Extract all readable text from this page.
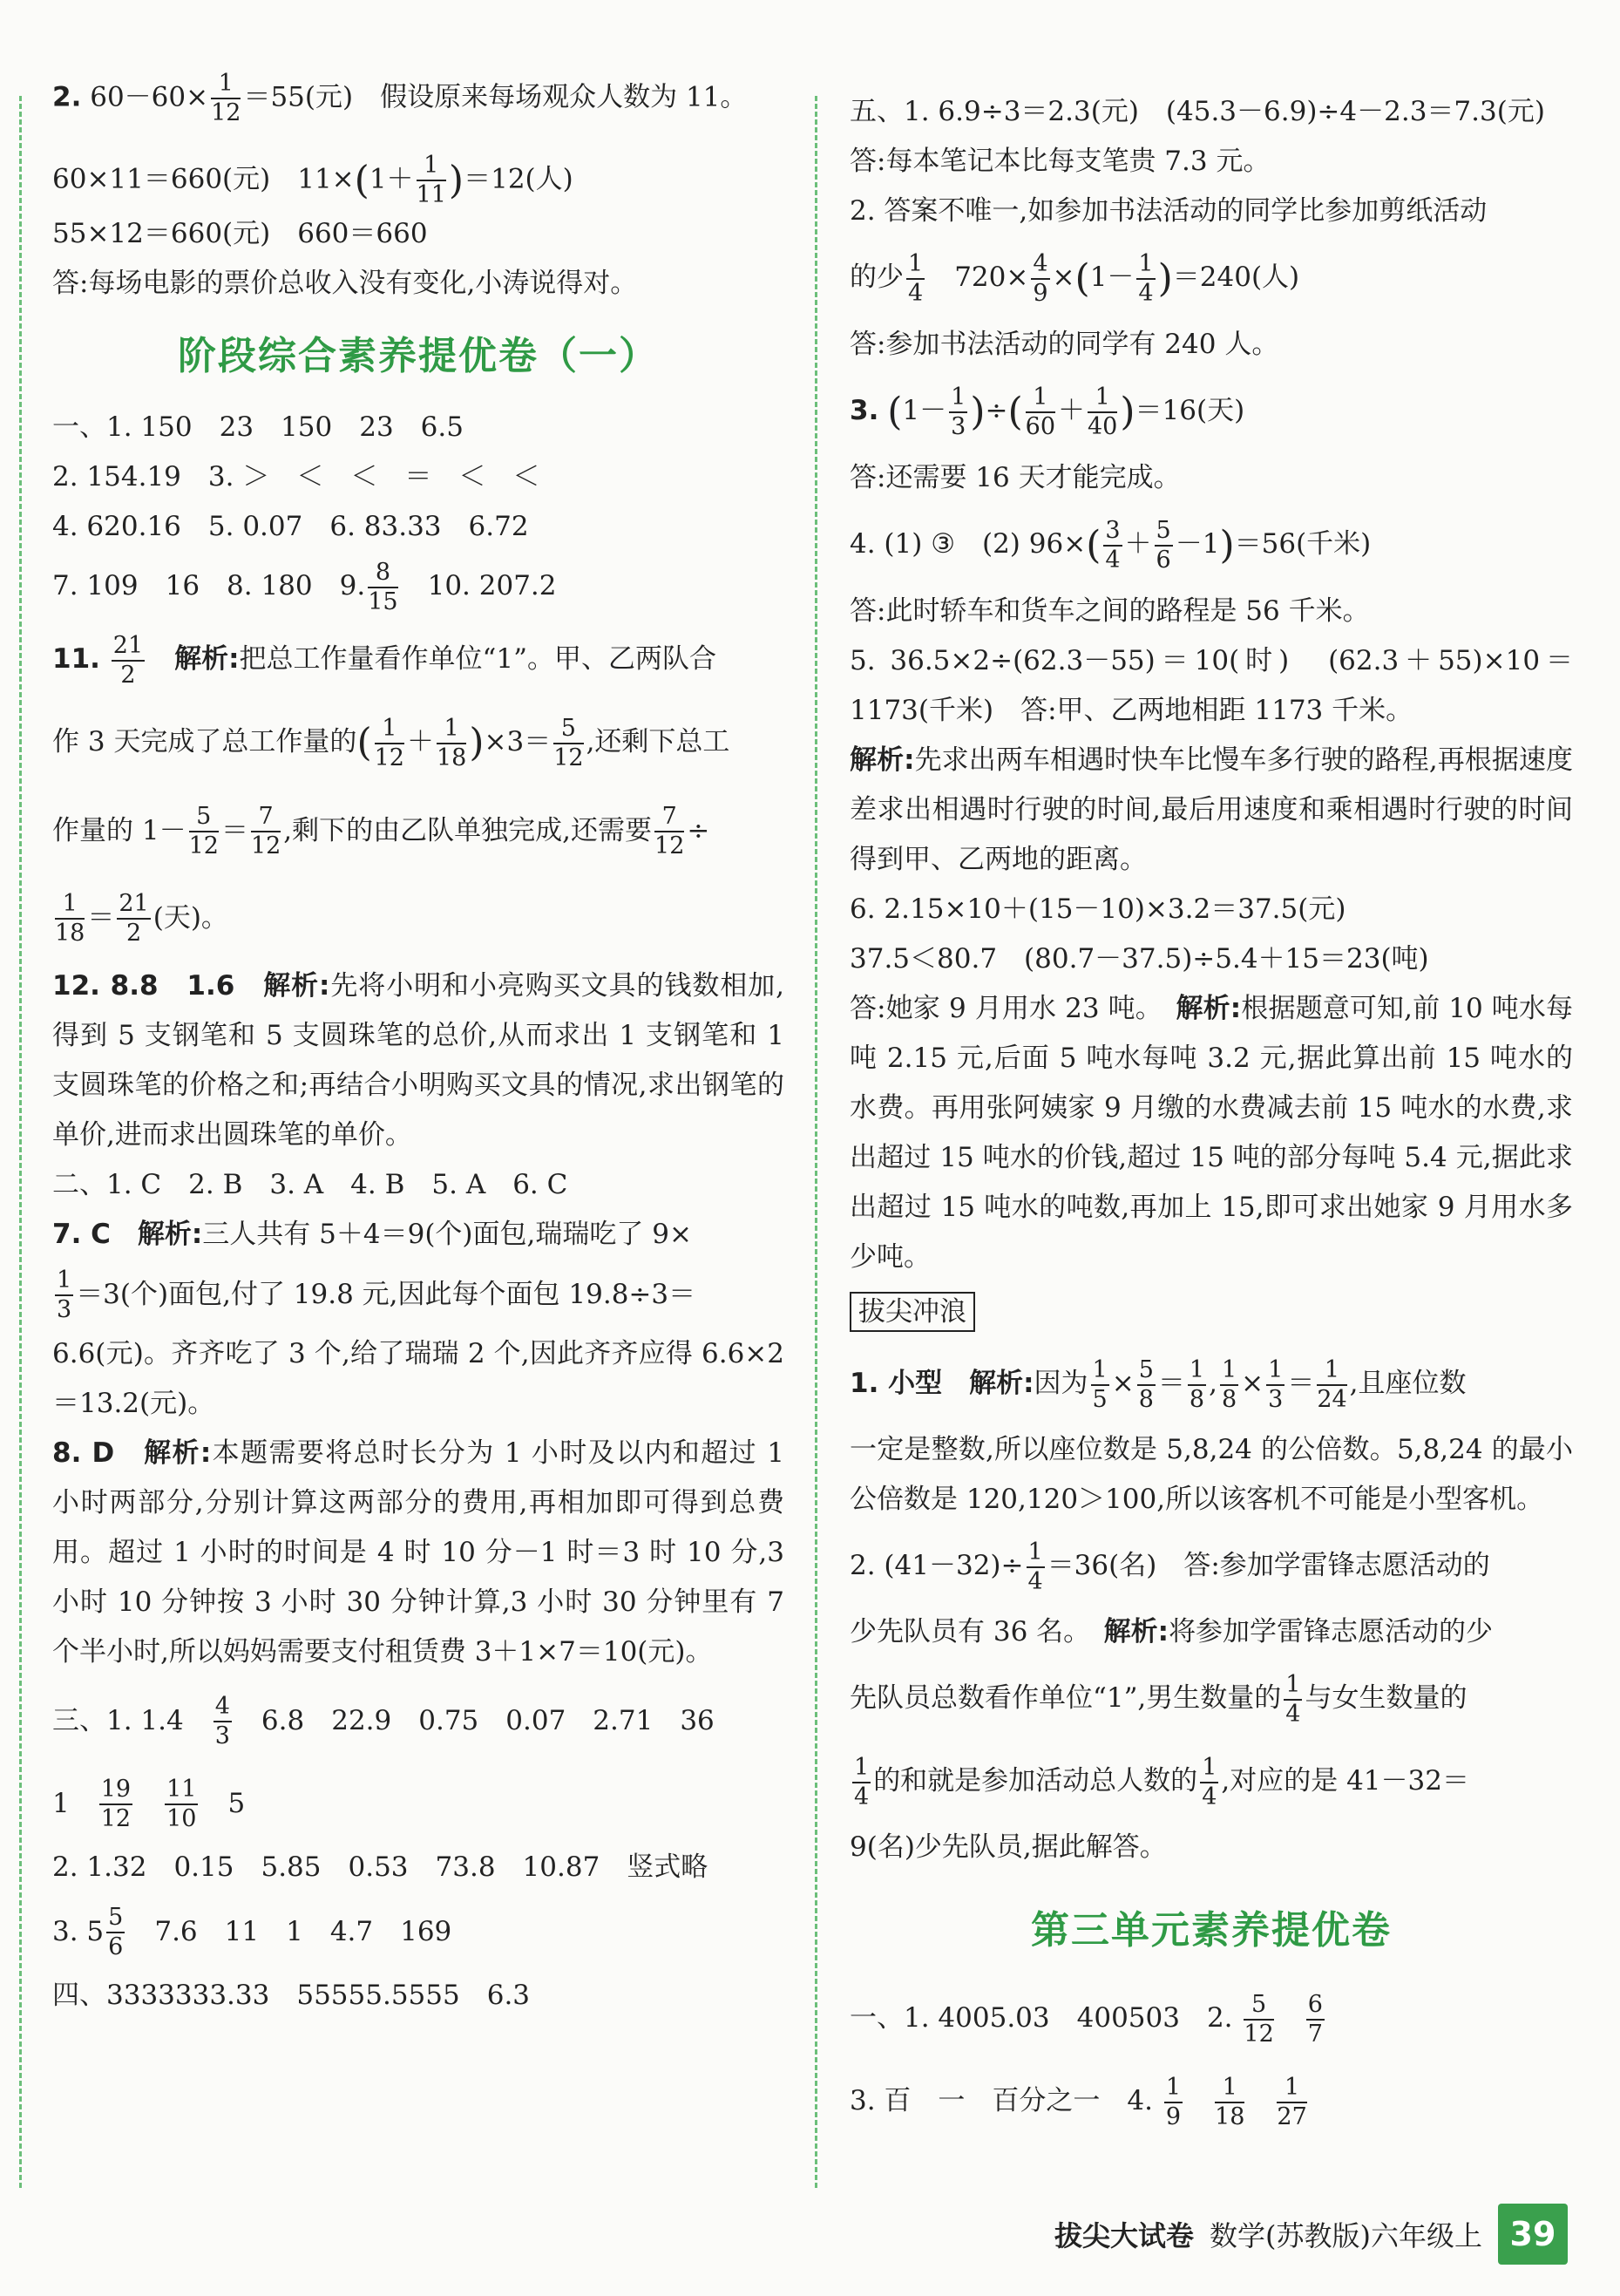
2. $60-60\times \frac{1}{12} =55$(元)　假设原来每场观众人数为 11。

60×11＝660(元)　$11\times(1+ \frac{1}{11} )=12$(人)

55×12＝660(元)　660＝660

答:每场电影的票价总收入没有变化,小涛说得对。

阶段综合素养提优卷（一）

一、1. 150　23　150　23　6.5

2. 154.19　3. ＞　＜　＜　＝　＜　＜

4. 620.16　5. 0.07　6. 83.33　6.72

7. 109　16　8. 180　9. $\frac{8}{15}$
　 10. 207.2

11. $\frac{21}{2}$
　 解析:把总工作量看作单位“1”。甲、乙两队合

作 3 天完成了总工作量的( $\frac{1}{12} + \frac{1}{18} )\times 3= \frac{5}{12}$ ,还剩下总工

作量的 $1- \frac{5}{12} = \frac{7}{12}$ ,剩下的由乙队单独完成,还需要 $\frac{7}{12}$ ÷

$\frac{1}{18} = \frac{21}{2}$ (天)。

12. 8.8　1.6　 解析:先将小明和小亮购买文具的钱数相加,得到 5 支钢笔和 5 支圆珠笔的总价,从而求出 1 支钢笔和 1 支圆珠笔的价格之和;再结合小明购买文具的情况,求出钢笔的单价,进而求出圆珠笔的单价。

二、1. C　2. B　3. A　4. B　5. A　6. C

7. C　 解析:三人共有 5＋4＝9(个)面包,瑞瑞吃了 9×

$\frac{1}{3} =3$(个)面包,付了 19.8 元,因此每个面包 19.8÷3＝

6.6(元)。齐齐吃了 3 个,给了瑞瑞 2 个,因此齐齐应得 6.6×2＝13.2(元)。

8. D　 解析:本题需要将总时长分为 1 小时及以内和超过 1 小时两部分,分别计算这两部分的费用,再相加即可得到总费用。超过 1 小时的时间是 4 时 10 分－1 时＝3 时 10 分,3 小时 10 分钟按 3 小时 30 分钟计算,3 小时 30 分钟里有 7 个半小时,所以妈妈需要支付租赁费 3＋1×7＝10(元)。

三、1. 1.4　 $\frac{4}{3}$
　 6.8　22.9　0.75　0.07　2.71　36

1　 $\frac{19}{12}$
　 $\frac{11}{10}$
　 5

2. 1.32　0.15　5.85　0.53　73.8　10.87　竖式略

3. $5 \frac{5}{6}$
　 7.6　11　1　4.7　169

四、3333333.33　55555.5555　6.3

五、1. 6.9÷3＝2.3(元)　(45.3－6.9)÷4－2.3＝7.3(元)

答:每本笔记本比每支笔贵 7.3 元。

2. 答案不唯一,如参加书法活动的同学比参加剪纸活动

的少 $\frac{1}{4}$
　 $720\times \frac{4}{9} \times(1- \frac{1}{4} )=240$(人)

答:参加书法活动的同学有 240 人。

3. ($1- \frac{1}{3}$ )÷( $\frac{1}{60} + \frac{1}{40} )=16$(天)

答:还需要 16 天才能完成。

4. (1) ③　(2) $96\times( \frac{3}{4} + \frac{5}{6} -1)=56$(千米)

答:此时轿车和货车之间的路程是 56 千米。

5. 36.5×2÷(62.3－55)＝10(时)　(62.3＋55)×10＝1173(千米)　答:甲、乙两地相距 1173 千米。

解析:先求出两车相遇时快车比慢车多行驶的路程,再根据速度差求出相遇时行驶的时间,最后用速度和乘相遇时行驶的时间得到甲、乙两地的距离。

6. 2.15×10＋(15－10)×3.2＝37.5(元)

37.5＜80.7　(80.7－37.5)÷5.4＋15＝23(吨)

答:她家 9 月用水 23 吨。　 解析:根据题意可知,前 10 吨水每吨 2.15 元,后面 5 吨水每吨 3.2 元,据此算出前 15 吨水的水费。再用张阿姨家 9 月缴的水费减去前 15 吨水的水费,求出超过 15 吨水的价钱,超过 15 吨的部分每吨 5.4 元,据此求出超过 15 吨水的吨数,再加上 15,即可求出她家 9 月用水多少吨。

拔尖冲浪

1. 小型　 解析:因为 $\frac{1}{5} \times \frac{5}{8} = \frac{1}{8}$ , $\frac{1}{8} \times \frac{1}{3} = \frac{1}{24}$ ,且座位数

一定是整数,所以座位数是 5,8,24 的公倍数。5,8,24 的最小公倍数是 120,120＞100,所以该客机不可能是小型客机。

2. $(41-32)\div \frac{1}{4} =36$(名)　答:参加学雷锋志愿活动的

少先队员有 36 名。　 解析:将参加学雷锋志愿活动的少

先队员总数看作单位“1”,男生数量的 $\frac{1}{4}$ 与女生数量的

$\frac{1}{4}$ 的和就是参加活动总人数的 $\frac{1}{4}$ ,对应的是 41－32＝

9(名)少先队员,据此解答。

第三单元素养提优卷

一、1. 4005.03　400503　2. $\frac{5}{12}$
　 $\frac{6}{7}$

3. 百　一　百分之一　4. $\frac{1}{9}$
　 $\frac{1}{18}$
　 $\frac{1}{27}$

拔尖大试卷 数学(苏教版)六年级上 39
